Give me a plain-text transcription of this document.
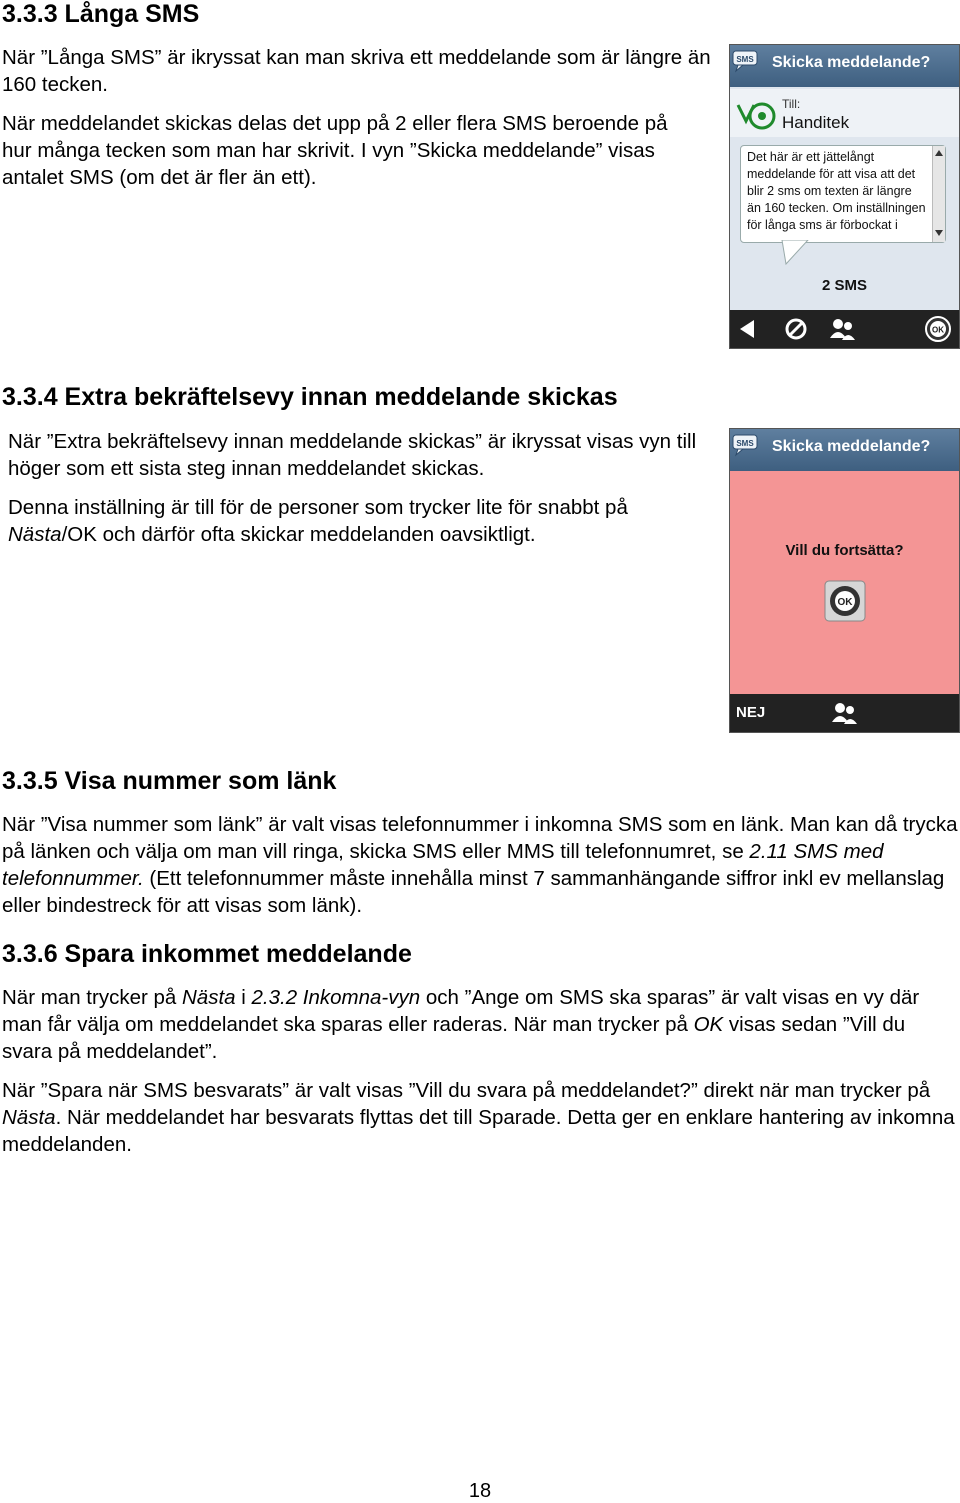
3.3.3 Långa SMS

När ”Långa SMS” är ikryssat kan man skriva ett meddelande som är längre än 160 tecken.

När meddelandet skickas delas det upp på 2 eller flera SMS beroende på hur många tecken som man har skrivit. I vyn ”Skicka meddelande” visas antalet SMS (om det är fler än ett).

SMS Skicka meddelande?
Till:
Handitek
Det här är ett jättelångt meddelande för att visa att det blir 2 sms om texten är längre än 160 tecken. Om inställningen för långa sms är förbockat i
2 SMS
OK
3.3.4 Extra bekräftelsevy innan meddelande skickas

När ”Extra bekräftelsevy innan meddelande skickas” är ikryssat visas vyn till höger som ett sista steg innan meddelandet skickas.

Denna inställning är till för de personer som trycker lite för snabbt på Nästa/OK och därför ofta skickar meddelanden oavsiktligt.

SMS Skicka meddelande?
Vill du fortsätta?
OK
NEJ
3.3.5 Visa nummer som länk

När ”Visa nummer som länk” är valt visas telefonnummer i inkomna SMS som en länk. Man kan då trycka på länken och välja om man vill ringa, skicka SMS eller MMS till telefonnumret, se 2.11 SMS med telefonnummer. (Ett telefonnummer måste innehålla minst 7 sammanhängande siffror inkl ev mellanslag eller bindestreck för att visas som länk).

3.3.6 Spara inkommet meddelande

När man trycker på Nästa i 2.3.2 Inkomna-vyn och ”Ange om SMS ska sparas” är valt visas en vy där man får välja om meddelandet ska sparas eller raderas. När man trycker på OK visas sedan ”Vill du svara på meddelandet”.

När ”Spara när SMS besvarats” är valt visas ”Vill du svara på meddelandet?” direkt när man trycker på Nästa. När meddelandet har besvarats flyttas det till Sparade. Detta ger en enklare hantering av inkomna meddelanden.

18
